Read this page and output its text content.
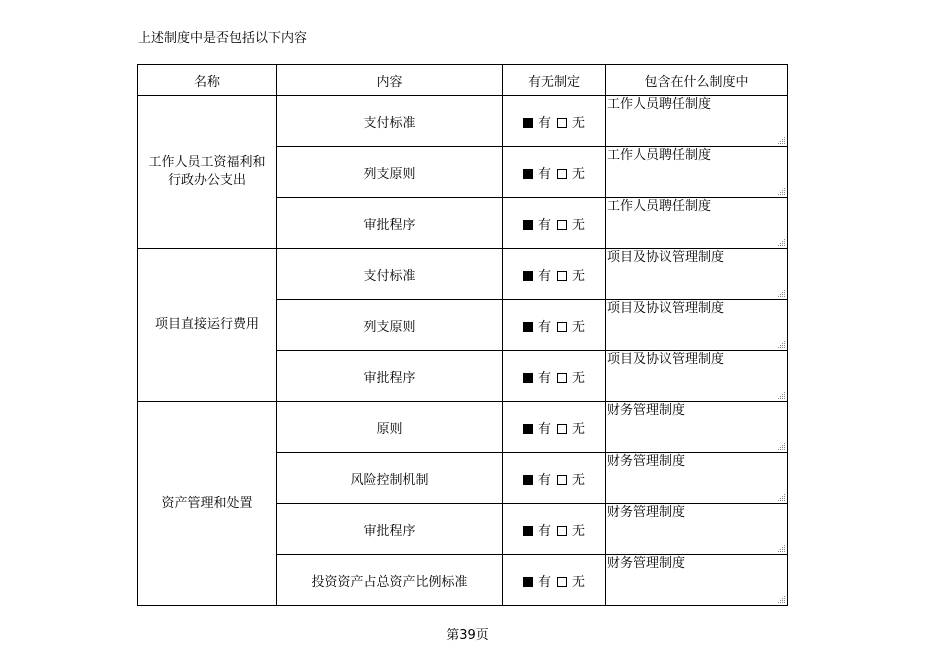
上述制度中是否包括以下内容
名称	内容	有无制定	包含在什么制度中

工作人员工资福利和
行政办公支出	支付标准	有 无	工作人员聘任制度

	列支原则	有 无	工作人员聘任制度

	审批程序	有 无	工作人员聘任制度

项目直接运行费用	支付标准	有 无	项目及协议管理制度

	列支原则	有 无	项目及协议管理制度

	审批程序	有 无	项目及协议管理制度

资产管理和处置	原则	有 无	财务管理制度

	风险控制机制	有 无	财务管理制度

	审批程序	有 无	财务管理制度

	投资资产占总资产比例标准	有 无	财务管理制度
第39页
